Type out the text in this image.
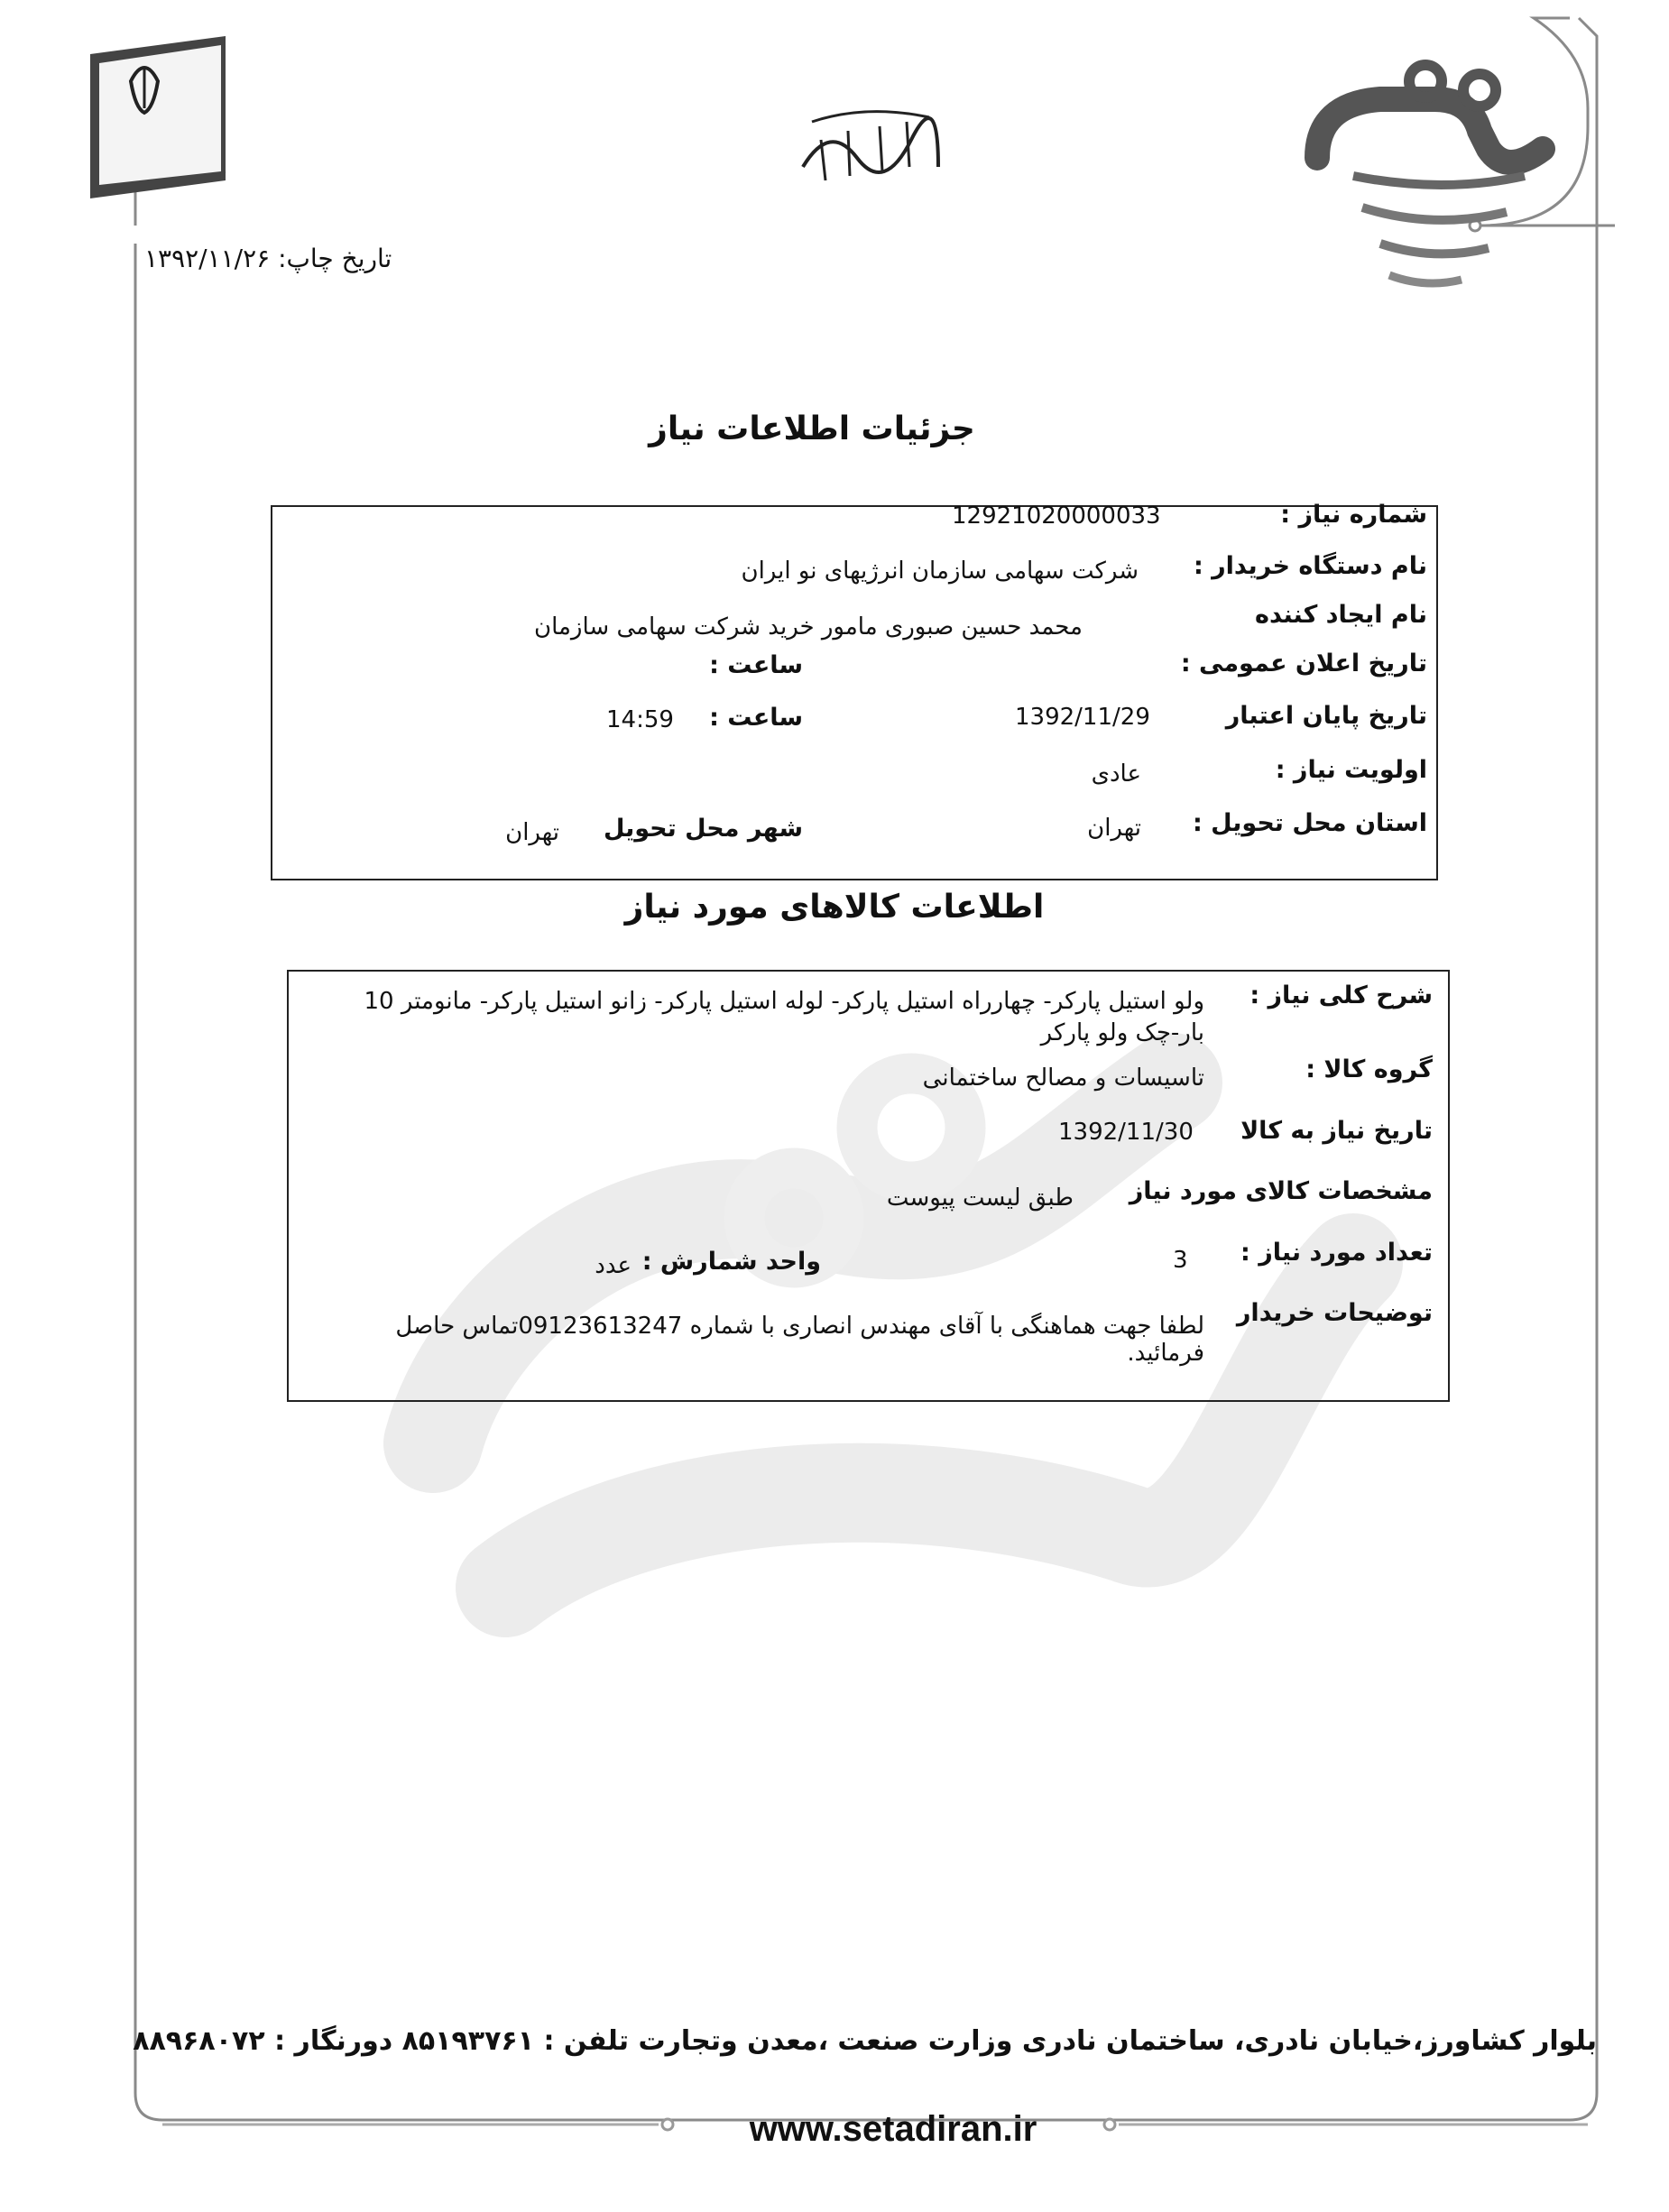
تاریخ چاپ: ۱۳۹۲/۱۱/۲۶
جزئیات اطلاعات نیاز
شماره نیاز :
12921020000033
نام دستگاه خریدار :
شرکت سهامی سازمان انرژیهای نو ایران
نام ایجاد کننده
محمد حسین صبوری مامور خرید شرکت سهامی سازمان
تاریخ اعلان عمومی :
ساعت :
تاریخ پایان اعتبار
1392/11/29
ساعت :
14:59
اولویت نیاز :
عادی
استان محل تحویل :
تهران
شهر محل تحویل
تهران
اطلاعات کالاهای مورد نیاز
شرح کلی نیاز :
ولو استیل پارکر- چهارراه استیل پارکر- لوله استیل پارکر- زانو استیل پارکر- مانومتر 10
بار-چک ولو پارکر
گروه کالا :
تاسیسات و مصالح ساختمانی
تاریخ نیاز به کالا
1392/11/30
مشخصات کالای مورد نیاز
طبق لیست پیوست
تعداد مورد نیاز :
3
واحد شمارش :
عدد
توضیحات خریدار
لطفا جهت هماهنگی با آقای مهندس انصاری با شماره 09123613247تماس حاصل
فرمائید.
بلوار کشاورز،خیابان نادری، ساختمان نادری وزارت صنعت ،معدن وتجارت تلفن : ۸۵۱۹۳۷۶۱ دورنگار : ۸۸۹۶۸۰۷۲
www.setadiran.ir
